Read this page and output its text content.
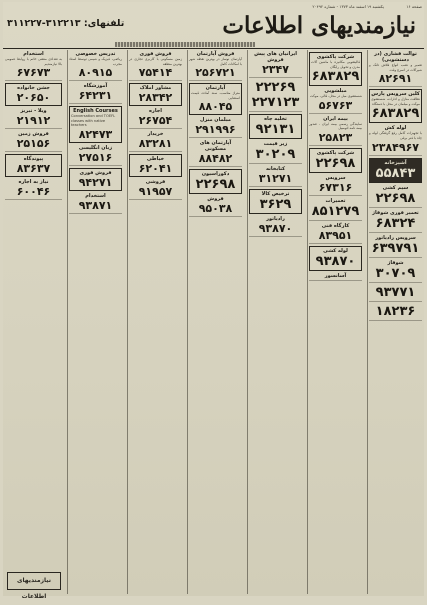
صفحه ۱۶
یکشنبه ۱۹ اسفند ماه ۱۳۷۳ - شماره ۲۰۴۹۲
نیازمندیهای اطلاعات
تلفنهای: ۳۱۲۲۱۳-۳۱۱۲۲۷
توالت فشاری (در دستشویی)
تعمیر و نصب انواع فلاش تانک و شیرآلات در اسرع وقت
۸۲۶۹۱
کلین سرویس پارس
نظافت منازل و ادارات، شستشوی موکت و مبلمان در محل با دستگاه
۶۸۳۸۲۹
لوله کش
با تجهیزات کامل رفع گرفتگی لوله و چاه با فنر برقی
۲۳۸۴۹۶۷
آشپزخانه
۵۵۸۴۳
سیم کشی
۲۲۶۹۸
تعمیر فوری شوفاژ
۶۸۳۲۴
سرویس رادیاتور
۶۳۹۷۹۱
شوفاژ
۳۰۷۰۹
۹۳۷۷۱
۱۸۲۳۶
شرکت پاکشوی
قالیشویی مکانیزه با ماشین آلات مدرن و تحویل رایگان
۶۸۳۸۲۹
مبلشویی
شستشوی مبل در محل، قالی، موکت
۵۶۷۶۳
بیمه ایران
نمایندگی رسمی بیمه ایران - صدور بیمه نامه اتومبیل
۲۵۸۲۳
شرکت پاکشوی
۲۲۶۹۸
سرویس
۶۷۳۱۶
تعمیرات
۸۵۱۲۷۹
کارگاه فنی
۸۳۹۵۱
لوله کشی
۹۳۸۷۰
آسانسور
ایرانیان های پیش فروش
۲۳۴۷
۲۲۲۶۹
۲۲۷۱۲۳
تخلیه چاه
۹۲۱۳۱
زیر قیمت
۳۰۲۰۹
کتابخانه
۳۱۲۷۱
ترخیص کالا
۳۶۲۹
رادیاتور
۹۳۸۷۰
فروش آپارتمان
آپارتمان نوساز در بهترین نقطه شهر با امکانات کامل
۲۵۶۷۲۱
آپارتمان
متراژ مناسب، سند آماده، قیمت استثنایی
۸۸۰۴۵
مبلمان منزل
۲۹۱۹۹۶
آپارتمان های مسکونی
۸۸۴۸۲
دکوراسیون
۲۲۶۹۸
فروش
۹۵۰۳۸
فروش فوری
زمین مسکونی با کاربری تجاری در بهترین منطقه
۷۵۴۱۴
مشاور املاک
۲۸۳۴۲
اجاره
۲۶۷۵۴
خریدار
۸۳۲۸۱
خیاطی
۶۲۰۴۱
فروشی
۹۱۹۵۷
تدریس خصوصی
ریاضی، فیزیک و شیمی توسط استاد مجرب
۸۰۹۱۵
آموزشگاه
۶۴۲۳۱
English Courses
Conversation and TOEFL classes with native teachers
۸۲۴۷۳
زبان انگلیسی
۲۷۵۱۶
فروش فوری
۹۴۲۷۱
استخدام
۹۳۸۷۱
استخدام
به تعدادی منشی خانم با روابط عمومی بالا نیازمندیم
۶۷۶۷۳
جشن خانواده
۲۰۶۵۰
ویلا - تبریز
۲۱۹۱۲
فروش زمین
۲۵۱۵۶
پیوندگاه
۸۳۶۳۷
نیاز به اجاره
۶۰۰۴۶
نیازمندیهای اطلاعات
